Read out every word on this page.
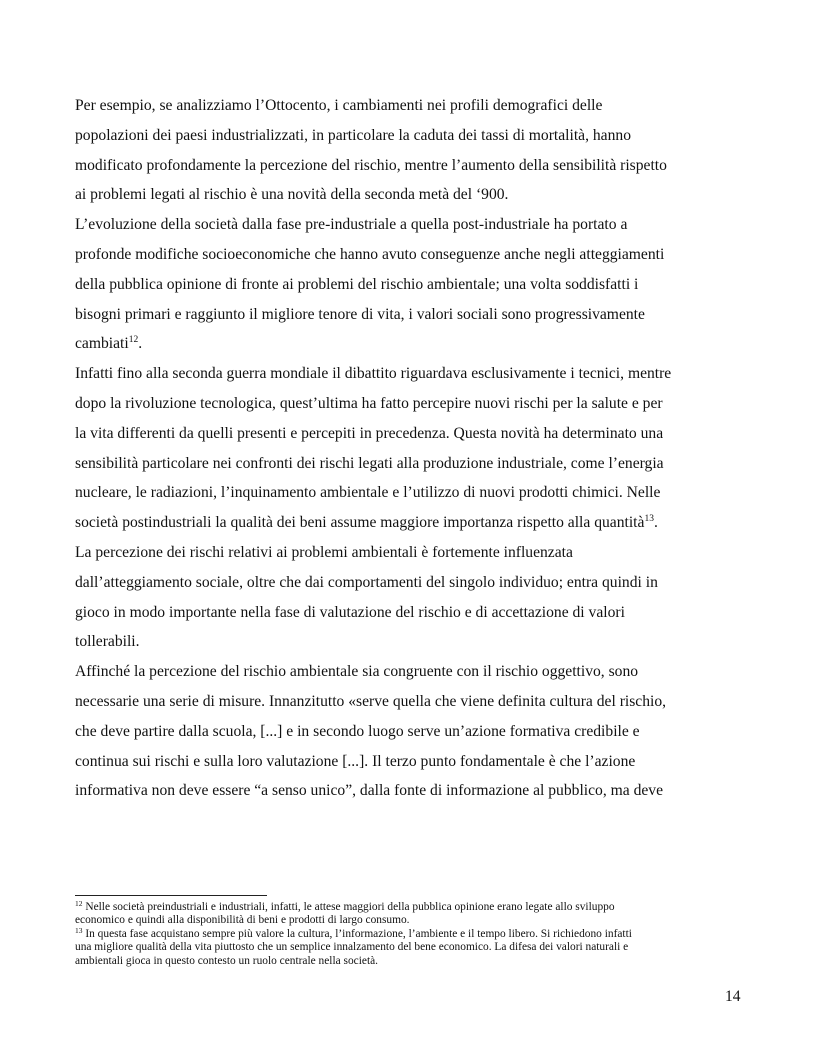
Per esempio, se analizziamo l’Ottocento, i cambiamenti nei profili demografici delle
popolazioni dei paesi industrializzati, in particolare la caduta dei tassi di mortalità, hanno
modificato profondamente la percezione del rischio, mentre l’aumento della sensibilità rispetto
ai problemi legati al rischio è una novità della seconda metà del ‘900.
L’evoluzione della società dalla fase pre-industriale a quella post-industriale ha portato a
profonde modifiche socioeconomiche che hanno avuto conseguenze anche negli atteggiamenti
della pubblica opinione di fronte ai problemi del rischio ambientale; una volta soddisfatti i
bisogni primari e raggiunto il migliore tenore di vita, i valori sociali sono progressivamente
cambiati$^{12}$.
Infatti fino alla seconda guerra mondiale il dibattito riguardava esclusivamente i tecnici, mentre
dopo la rivoluzione tecnologica, quest’ultima ha fatto percepire nuovi rischi per la salute e per
la vita differenti da quelli presenti e percepiti in precedenza. Questa novità ha determinato una
sensibilità particolare nei confronti dei rischi legati alla produzione industriale, come l’energia
nucleare, le radiazioni, l’inquinamento ambientale e l’utilizzo di nuovi prodotti chimici. Nelle
società postindustriali la qualità dei beni assume maggiore importanza rispetto alla quantità$^{13}$.
La percezione dei rischi relativi ai problemi ambientali è fortemente influenzata
dall’atteggiamento sociale, oltre che dai comportamenti del singolo individuo; entra quindi in
gioco in modo importante nella fase di valutazione del rischio e di accettazione di valori
tollerabili.
Affinché la percezione del rischio ambientale sia congruente con il rischio oggettivo, sono
necessarie una serie di misure. Innanzitutto «serve quella che viene definita cultura del rischio,
che deve partire dalla scuola, [...] e in secondo luogo serve un’azione formativa credibile e
continua sui rischi e sulla loro valutazione [...]. Il terzo punto fondamentale è che l’azione
informativa non deve essere “a senso unico”, dalla fonte di informazione al pubblico, ma deve
$^{12}$ Nelle società preindustriali e industriali, infatti, le attese maggiori della pubblica opinione erano legate allo sviluppo
economico e quindi alla disponibilità di beni e prodotti di largo consumo.
$^{13}$ In questa fase acquistano sempre più valore la cultura, l’informazione, l’ambiente e il tempo libero. Si richiedono infatti
una migliore qualità della vita piuttosto che un semplice innalzamento del bene economico. La difesa dei valori naturali e
ambientali gioca in questo contesto un ruolo centrale nella società.
14
